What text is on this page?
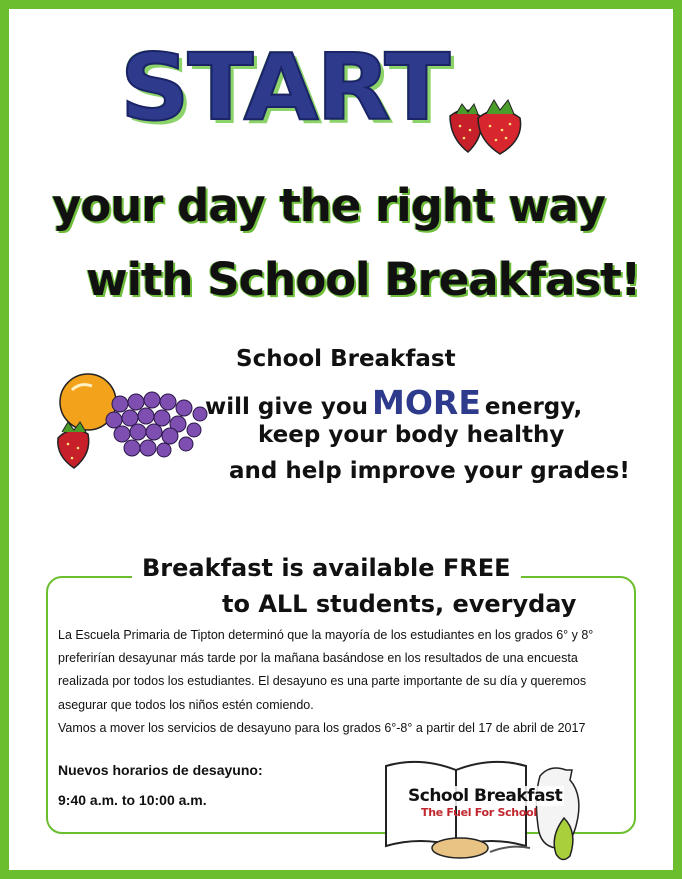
START
your day the right way
with School Breakfast!
School Breakfast
will give you MORE energy,
keep your body healthy
and help improve your grades!
Breakfast is available FREE
to ALL students, everyday
La Escuela Primaria de Tipton determinó que la mayoría de los estudiantes en los grados 6° y 8° preferirían desayunar más tarde por la mañana basándose en los resultados de una encuesta realizada por todos los estudiantes. El desayuno es una parte importante de su día y queremos asegurar que todos los niños estén comiendo.
Vamos a mover los servicios de desayuno para los grados 6°-8° a partir del 17 de abril de 2017
Nuevos horarios de desayuno:
9:40 a.m. to 10:00 a.m.	School Breakfast
The Fuel For School
